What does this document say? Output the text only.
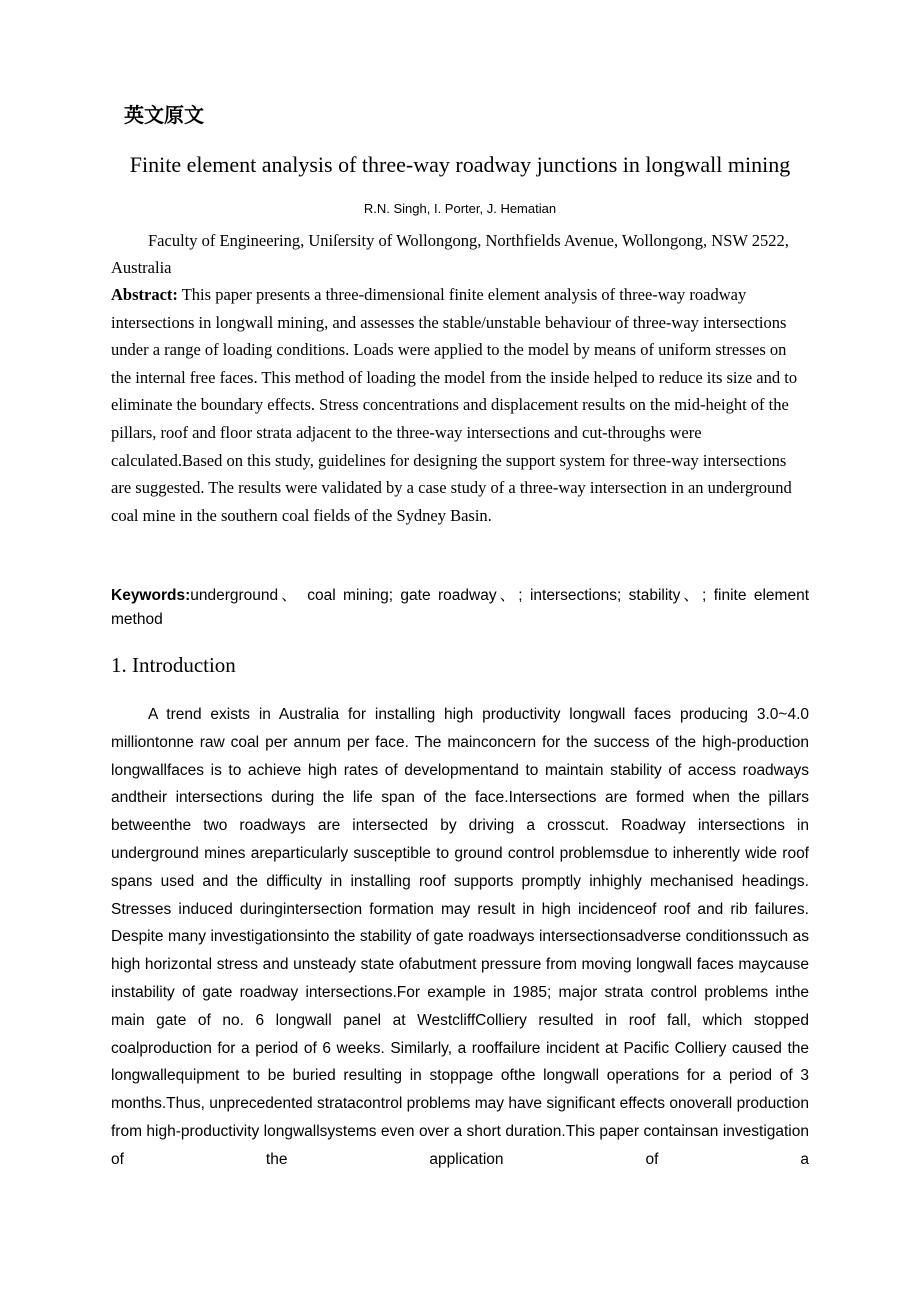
英文原文
Finite element analysis of three-way roadway junctions in longwall mining
R.N. Singh, I. Porter, J. Hematian

Faculty of Engineering, Uniſersity of Wollongong, Northfields Avenue, Wollongong, NSW 2522, Australia

Abstract: This paper presents a three-dimensional finite element analysis of three-way roadway intersections in longwall mining, and assesses the stable/unstable behaviour of three-way intersections under a range of loading conditions. Loads were applied to the model by means of uniform stresses on the internal free faces. This method of loading the model from the inside helped to reduce its size and to eliminate the boundary effects. Stress concentrations and displacement results on the mid-height of the pillars, roof and floor strata adjacent to the three-way intersections and cut-throughs were calculated.Based on this study, guidelines for designing the support system for three-way intersections are suggested. The results were validated by a case study of a three-way intersection in an underground coal mine in the southern coal fields of the Sydney Basin.

Keywords:underground、 coal mining; gate roadway、; intersections; stability、; finite element method

1. Introduction

A trend exists in Australia for installing high productivity longwall faces producing 3.0~4.0 milliontonne raw coal per annum per face. The mainconcern for the success of the high-production longwallfaces is to achieve high rates of developmentand to maintain stability of access roadways andtheir intersections during the life span of the face.Intersections are formed when the pillars betweenthe two roadways are intersected by driving a crosscut. Roadway intersections in underground mines areparticularly susceptible to ground control problemsdue to inherently wide roof spans used and the difficulty in installing roof supports promptly inhighly mechanised headings. Stresses induced duringintersection formation may result in high incidenceof roof and rib failures. Despite many investigationsinto the stability of gate roadways intersectionsadverse conditionssuch as high horizontal stress and unsteady state ofabutment pressure from moving longwall faces maycause instability of gate roadway intersections.For example in 1985; major strata control problems inthe main gate of no. 6 longwall panel at WestcliffColliery resulted in roof fall, which stopped coalproduction for a period of 6 weeks. Similarly, a rooffailure incident at Pacific Colliery caused the longwallequipment to be buried resulting in stoppage ofthe longwall operations for a period of 3 months.Thus, unprecedented stratacontrol problems may have significant effects onoverall production from high-productivity longwallsystems even over a short duration.This paper containsan investigation of the application of a
